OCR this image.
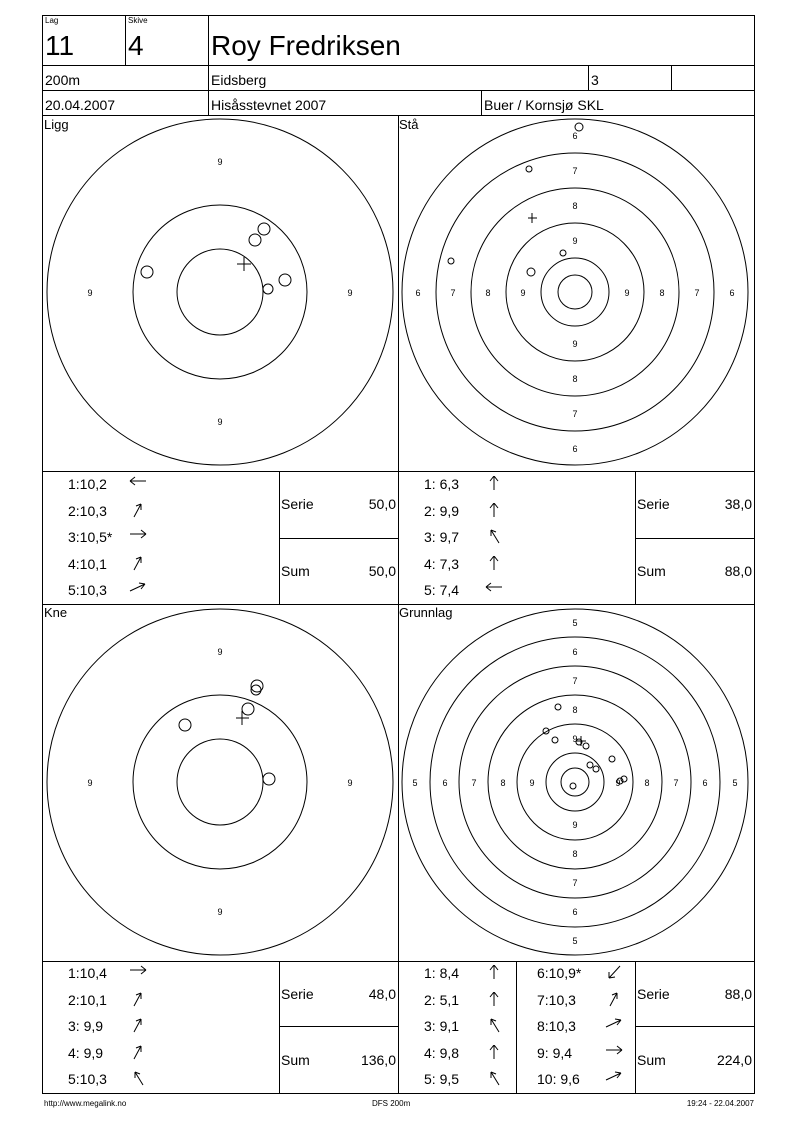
Lag
11
Skive
4 Roy Fredriksen
200m	Eidsberg	3
20.04.2007	Hisåsstevnet 2007	Buer / Kornsjø SKL
Ligg	Stå
Kne	Grunnlag
9
9
9	9	6	7	8	9	9	8	7	6
6
7
8
9
9
8
7
6
9
9
9	9	5	6	7	8	9	9	8	7	6	5
5
6
7
8
9
9
8
7
6
5
1:10,2
2:10,3
3:10,5*
4:10,1
5:10,3
1: 6,3
2: 9,9
3: 9,7
4: 7,3
5: 7,4
1:10,4
2:10,1
3: 9,9
4: 9,9
5:10,3
1: 8,4
2: 5,1
3: 9,1
4: 9,8
5: 9,5
6:10,9*
7:10,3
8:10,3
9: 9,4
10: 9,6
Serie	50,0
Sum	50,0
Serie	38,0
Sum	88,0
Serie	48,0
Sum	136,0
Serie	88,0
Sum	224,0
http://www.megalink.no	DFS 200m	19:24 - 22.04.2007
